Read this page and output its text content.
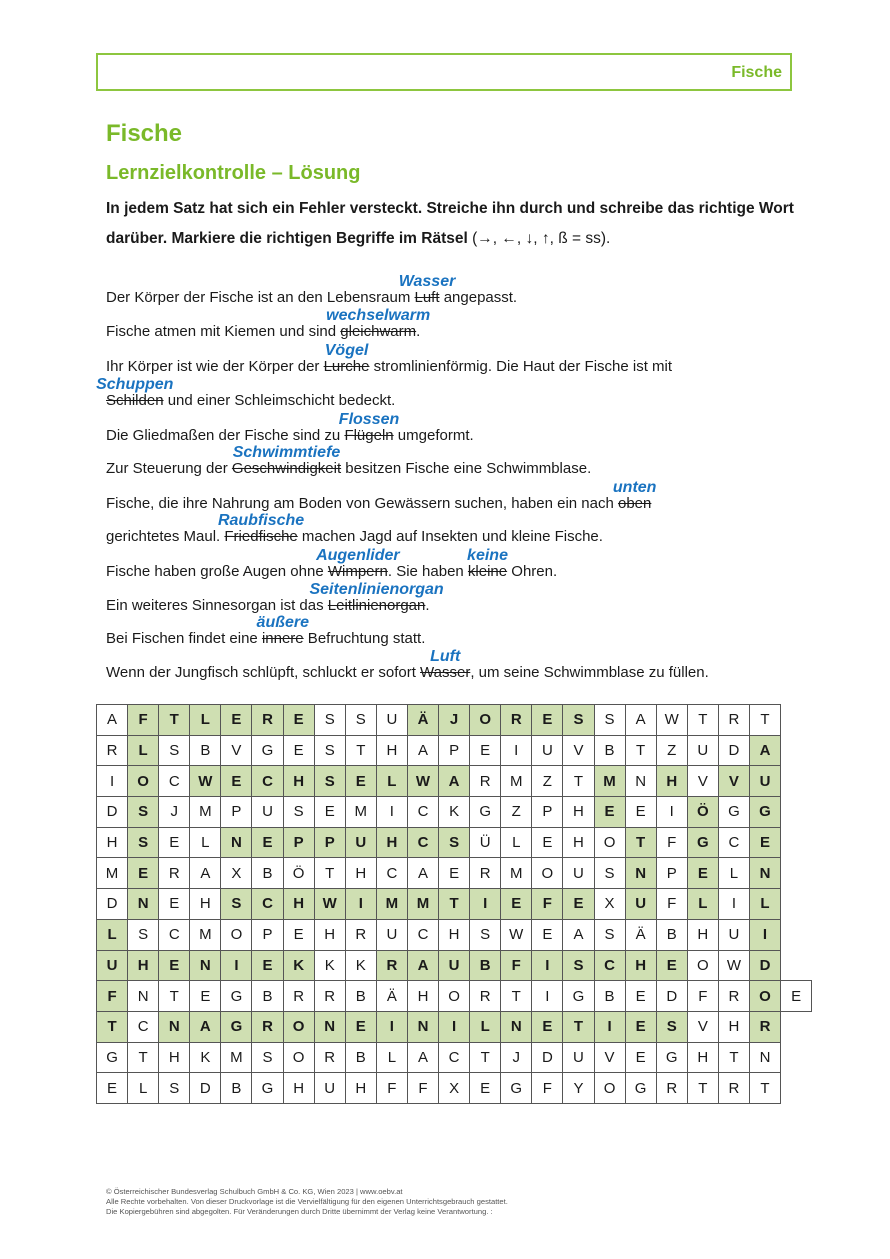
Fische
Fische
Lernzielkontrolle – Lösung

In jedem Satz hat sich ein Fehler versteckt. Streiche ihn durch und schreibe das richtige Wort darüber. Markiere die richtigen Begriffe im Rätsel (→, ←, ↓, ↑, ß = ss).

Der Körper der Fische ist an den Lebensraum Luft
Wasser
angepasst.
Fische atmen mit Kiemen und sind gleichwarm
wechselwarm
.
Ihr Körper ist wie der Körper der Lurche
Vögel
stromlinienförmig. Die Haut der Fische ist mit
Schilden
Schuppen
und einer Schleimschicht bedeckt.
Die Gliedmaßen der Fische sind zu Flügeln
Flossen
umgeformt.
Zur Steuerung der Geschwindigkeit
Schwimmtiefe
besitzen Fische eine Schwimmblase.
Fische, die ihre Nahrung am Boden von Gewässern suchen, haben ein nach oben
unten
gerichtetes Maul. Friedfische
Raubfische
machen Jagd auf Insekten und kleine Fische.
Fische haben große Augen ohne Wimpern
Augenlider
. Sie haben kleine
keine
Ohren.
Ein weiteres Sinnesorgan ist das Leitlinienorgan
Seitenlinienorgan
.
Bei Fischen findet eine innere
äußere
Befruchtung statt.
Wenn der Jungfisch schlüpft, schluckt er sofort Wasser
Luft
, um seine Schwimmblase zu füllen.
A	F	T	L	E	R	E	S	S	U	Ä	J	O	R	E	S	S	A	W	T	R	T	
R	L	S	B	V	G	E	S	T	H	A	P	E	I	U	V	B	T	Z	U	D	A	
I	O	C	W	E	C	H	S	E	L	W	A	R	M	Z	T	M	N	H	V	V	U	
D	S	J	M	P	U	S	E	M	I	C	K	G	Z	P	H	E	E	I	Ö	G	G	
H	S	E	L	N	E	P	P	U	H	C	S	Ü	L	E	H	O	T	F	G	C	E	
M	E	R	A	X	B	Ö	T	H	C	A	E	R	M	O	U	S	N	P	E	L	N	
D	N	E	H	S	C	H	W	I	M	M	T	I	E	F	E	X	U	F	L	I	L	
L	S	C	M	O	P	E	H	R	U	C	H	S	W	E	A	S	Ä	B	H	U	I	
U	H	E	N	I	E	K	K	K	R	A	U	B	F	I	S	C	H	E	O	W	D	
F	N	T	E	G	B	R	R	B	Ä	H	O	R	T	I	G	B	E	D	F	R	O	E
T	C	N	A	G	R	O	N	E	I	N	I	L	N	E	T	I	E	S	V	H	R	
G	T	H	K	M	S	O	R	B	L	A	C	T	J	D	U	V	E	G	H	T	N	
E	L	S	D	B	G	H	U	H	F	F	X	E	G	F	Y	O	G	R	T	R	T	
© Österreichischer Bundesverlag Schulbuch GmbH & Co. KG, Wien 2023 | www.oebv.at
Alle Rechte vorbehalten. Von dieser Druckvorlage ist die Vervielfältigung für den eigenen Unterrichtsgebrauch gestattet.
Die Kopiergebühren sind abgegolten. Für Veränderungen durch Dritte übernimmt der Verlag keine Verantwortung. :
